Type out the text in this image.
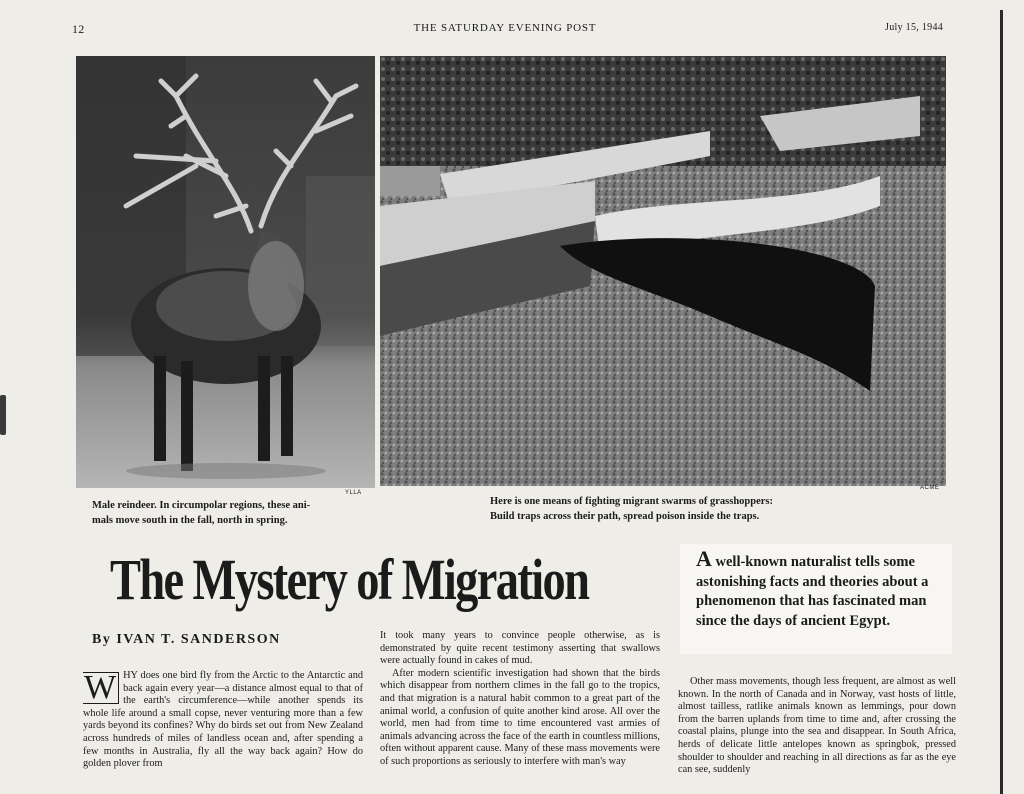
12	THE SATURDAY EVENING POST	July 15, 1944
YLLA
Male reindeer. In circumpolar regions, these ani-
mals move south in the fall, north in spring.
ACME
Here is one means of fighting migrant swarms of grasshoppers:
Build traps across their path, spread poison inside the traps.
The Mystery of Migration
By IVAN T. SANDERSON
A well-known naturalist tells some astonishing facts and theories about a phenomenon that has fascinated man since the days of ancient Egypt.

W HY does one bird fly from the Arctic to the Antarctic and back again every year—a distance almost equal to that of the earth's circumference—while another spends its whole life around a small copse, never venturing more than a few yards beyond its confines? Why do birds set out from New Zealand across hundreds of miles of landless ocean and, after spending a few months in Australia, fly all the way back again? How do golden plover from

It took many years to convince people otherwise, as is demonstrated by quite recent testimony asserting that swallows were actually found in cakes of mud.

After modern scientific investigation had shown that the birds which disappear from northern climes in the fall go to the tropics, and that migration is a natural habit common to a great part of the animal world, a confusion of quite another kind arose. All over the world, men had from time to time encountered vast armies of animals advancing across the face of the earth in countless millions, often without apparent cause. Many of these mass movements were of such proportions as seriously to interfere with man's way

Other mass movements, though less frequent, are almost as well known. In the north of Canada and in Norway, vast hosts of little, almost tailless, ratlike animals known as lemmings, pour down from the barren uplands from time to time and, after crossing the coastal plains, plunge into the sea and disappear. In South Africa, herds of delicate little antelopes known as springbok, pressed shoulder to shoulder and reaching in all directions as far as the eye can see, suddenly
